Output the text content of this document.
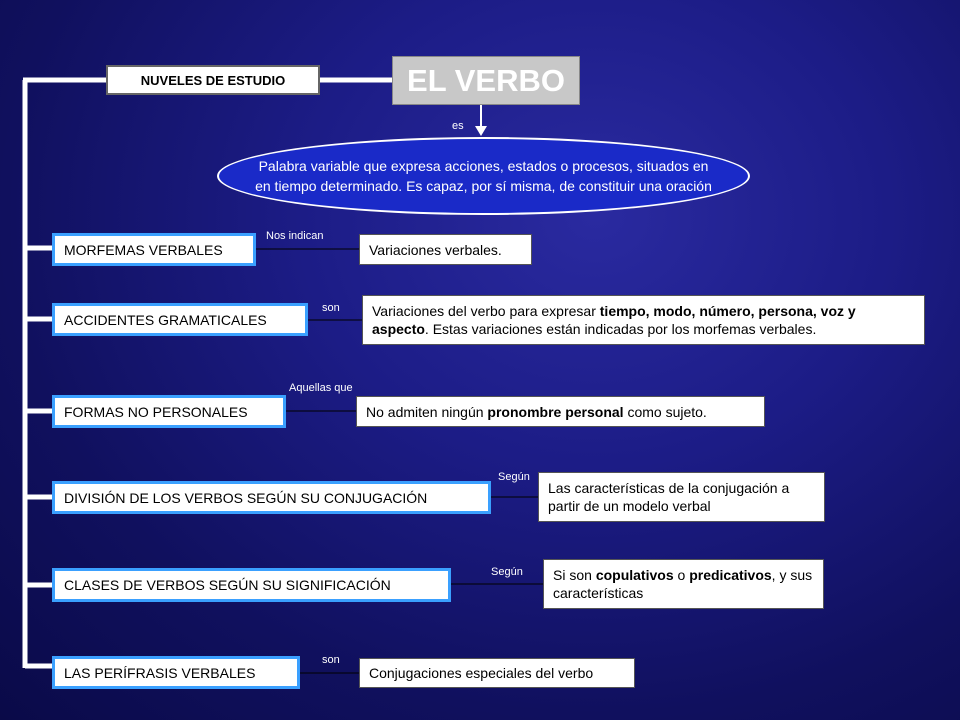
EL VERBO
NUVELES DE ESTUDIO
es
Palabra variable que expresa acciones, estados o procesos, situados en en tiempo determinado. Es capaz, por sí misma, de constituir una oración
MORFEMAS VERBALES
Nos indican
Variaciones verbales.
ACCIDENTES GRAMATICALES
son Variaciones del verbo para expresar tiempo, modo, número, persona, voz y aspecto. Estas variaciones están indicadas por los morfemas verbales.
FORMAS NO PERSONALES
Aquellas que
No admiten ningún pronombre personal como sujeto.
DIVISIÓN DE LOS VERBOS SEGÚN SU CONJUGACIÓN
Según
Las características de la conjugación a partir de un modelo verbal
CLASES DE VERBOS SEGÚN SU SIGNIFICACIÓN
Según Si son copulativos o predicativos, y sus características
LAS PERÍFRASIS VERBALES
son
Conjugaciones especiales del verbo
